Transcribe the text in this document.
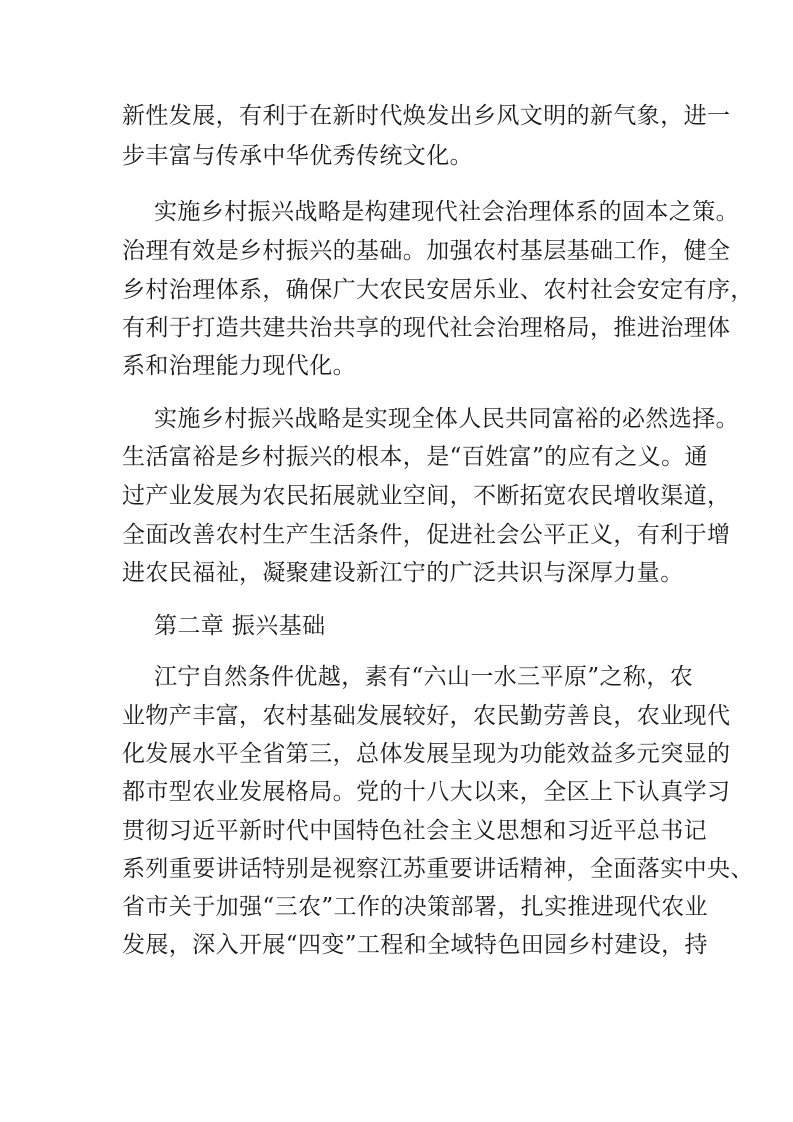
新性发展，有利于在新时代焕发出乡风文明的新气象，进一
步丰富与传承中华优秀传统文化。
实施乡村振兴战略是构建现代社会治理体系的固本之策。
治理有效是乡村振兴的基础。加强农村基层基础工作，健全
乡村治理体系，确保广大农民安居乐业、农村社会安定有序，
有利于打造共建共治共享的现代社会治理格局，推进治理体
系和治理能力现代化。
实施乡村振兴战略是实现全体人民共同富裕的必然选择。
生活富裕是乡村振兴的根本，是“百姓富”的应有之义。通
过产业发展为农民拓展就业空间，不断拓宽农民增收渠道，
全面改善农村生产生活条件，促进社会公平正义，有利于增
进农民福祉，凝聚建设新江宁的广泛共识与深厚力量。
第二章 振兴基础
江宁自然条件优越，素有“六山一水三平原”之称，农
业物产丰富，农村基础发展较好，农民勤劳善良，农业现代
化发展水平全省第三，总体发展呈现为功能效益多元突显的
都市型农业发展格局。党的十八大以来，全区上下认真学习
贯彻习近平新时代中国特色社会主义思想和习近平总书记
系列重要讲话特别是视察江苏重要讲话精神，全面落实中央、
省市关于加强“三农”工作的决策部署，扎实推进现代农业
发展，深入开展“四变”工程和全域特色田园乡村建设，持
